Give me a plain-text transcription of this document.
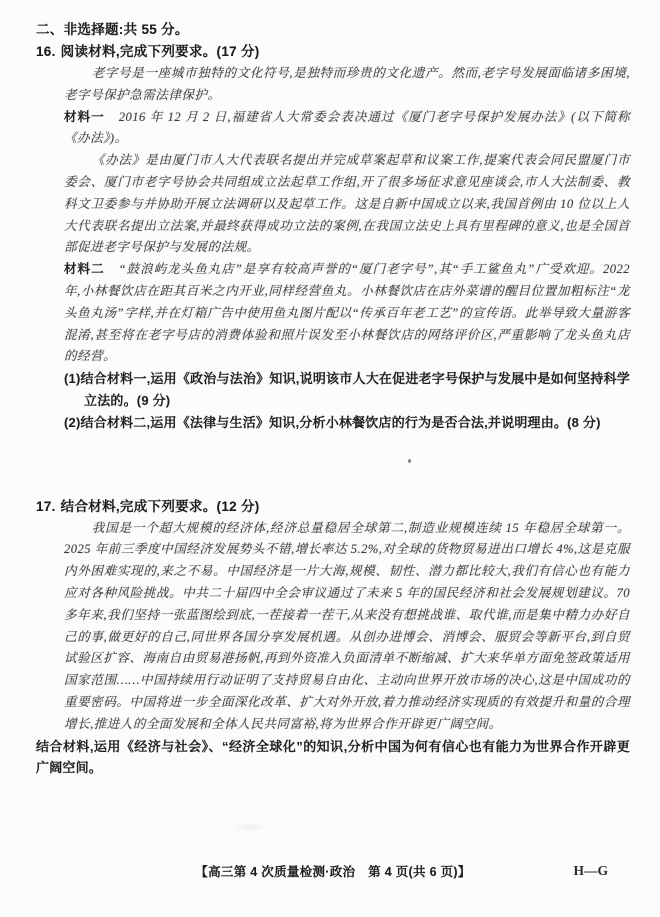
二、非选择题:共 55 分。
16. 阅读材料,完成下列要求。(17 分)

老字号是一座城市独特的文化符号,是独特而珍贵的文化遗产。然而,老字号发展面临诸多困境,老字号保护急需法律保护。

材料一 2016 年 12 月 2 日,福建省人大常委会表决通过《厦门老字号保护发展办法》(以下简称《办法》)。

《办法》是由厦门市人大代表联名提出并完成草案起草和议案工作,提案代表会同民盟厦门市委会、厦门市老字号协会共同组成立法起草工作组,开了很多场征求意见座谈会,市人大法制委、教科文卫委参与并协助开展立法调研以及起草工作。这是自新中国成立以来,我国首例由 10 位以上人大代表联名提出立法案,并最终获得成功立法的案例,在我国立法史上具有里程碑的意义,也是全国首部促进老字号保护与发展的法规。

材料二 “鼓浪屿龙头鱼丸店”是享有较高声誉的“厦门老字号”,其“手工鲨鱼丸”广受欢迎。2022 年,小林餐饮店在距其百米之内开业,同样经营鱼丸。小林餐饮店在店外菜谱的醒目位置加粗标注“龙头鱼丸汤”字样,并在灯箱广告中使用鱼丸图片配以“传承百年老工艺”的宣传语。此举导致大量游客混淆,甚至将在老字号店的消费体验和照片误发至小林餐饮店的网络评价区,严重影响了龙头鱼丸店的经营。

(1)结合材料一,运用《政治与法治》知识,说明该市人大在促进老字号保护与发展中是如何坚持科学立法的。(9 分)

(2)结合材料二,运用《法律与生活》知识,分析小林餐饮店的行为是否合法,并说明理由。(8 分)

17. 结合材料,完成下列要求。(12 分)

我国是一个超大规模的经济体,经济总量稳居全球第二,制造业规模连续 15 年稳居全球第一。2025 年前三季度中国经济发展势头不错,增长率达 5.2%,对全球的货物贸易进出口增长 4%,这是克服内外困难实现的,来之不易。中国经济是一片大海,规模、韧性、潜力都比较大,我们有信心也有能力应对各种风险挑战。中共二十届四中全会审议通过了未来 5 年的国民经济和社会发展规划建议。70 多年来,我们坚持一张蓝图绘到底,一茬接着一茬干,从来没有想挑战谁、取代谁,而是集中精力办好自己的事,做更好的自己,同世界各国分享发展机遇。从创办进博会、消博会、服贸会等新平台,到自贸试验区扩容、海南自由贸易港扬帆,再到外资准入负面清单不断缩减、扩大来华单方面免签政策适用国家范围……中国持续用行动证明了支持贸易自由化、主动向世界开放市场的决心,这是中国成功的重要密码。中国将进一步全面深化改革、扩大对外开放,着力推动经济实现质的有效提升和量的合理增长,推进人的全面发展和全体人民共同富裕,将为世界合作开辟更广阔空间。

结合材料,运用《经济与社会》、“经济全球化”的知识,分析中国为何有信心也有能力为世界合作开辟更广阔空间。

【高三第 4 次质量检测·政治　第 4 页(共 6 页)】	H—G
